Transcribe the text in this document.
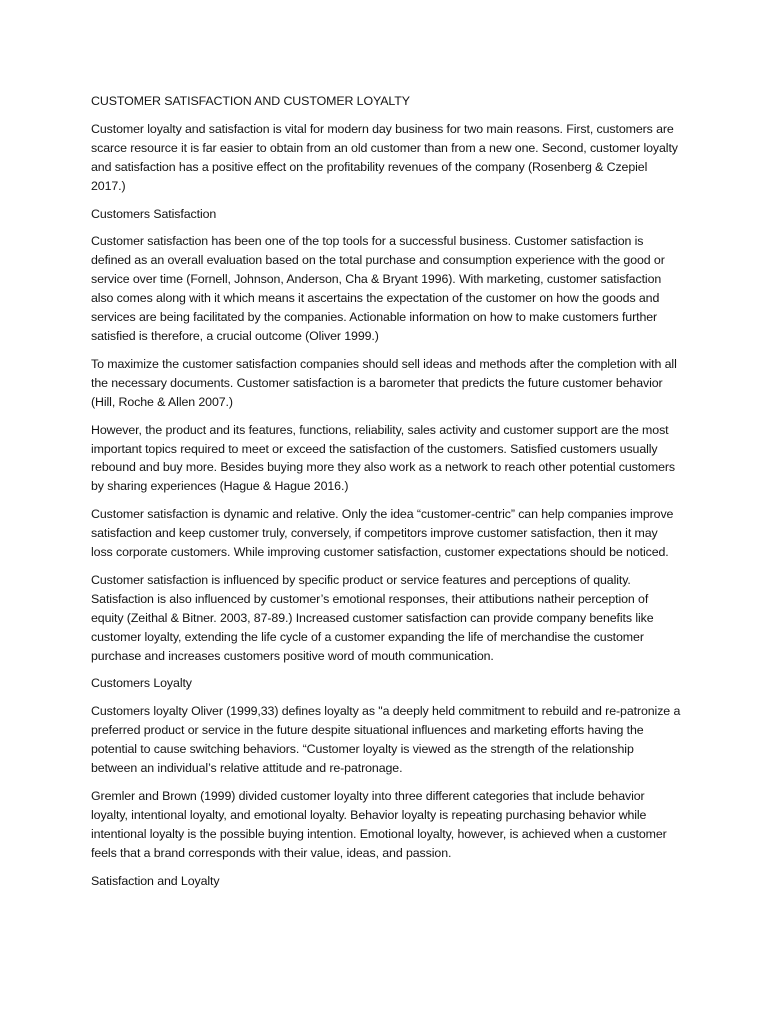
CUSTOMER SATISFACTION AND CUSTOMER LOYALTY

Customer loyalty and satisfaction is vital for modern day business for two main reasons. First, customers are scarce resource it is far easier to obtain from an old customer than from a new one. Second, customer loyalty and satisfaction has a positive effect on the profitability revenues of the company (Rosenberg & Czepiel 2017.)

Customers Satisfaction

Customer satisfaction has been one of the top tools for a successful business. Customer satisfaction is defined as an overall evaluation based on the total purchase and consumption experience with the good or service over time (Fornell, Johnson, Anderson, Cha & Bryant 1996). With marketing, customer satisfaction also comes along with it which means it ascertains the expectation of the customer on how the goods and services are being facilitated by the companies. Actionable information on how to make customers further satisfied is therefore, a crucial outcome (Oliver 1999.)

To maximize the customer satisfaction companies should sell ideas and methods after the completion with all the necessary documents. Customer satisfaction is a barometer that predicts the future customer behavior (Hill, Roche & Allen 2007.)

However, the product and its features, functions, reliability, sales activity and customer support are the most important topics required to meet or exceed the satisfaction of the customers. Satisfied customers usually rebound and buy more. Besides buying more they also work as a network to reach other potential customers by sharing experiences (Hague & Hague 2016.)

Customer satisfaction is dynamic and relative. Only the idea “customer-centric” can help companies improve satisfaction and keep customer truly, conversely, if competitors improve customer satisfaction, then it may loss corporate customers. While improving customer satisfaction, customer expectations should be noticed.

Customer satisfaction is influenced by specific product or service features and perceptions of quality. Satisfaction is also influenced by customer’s emotional responses, their attibutions natheir perception of equity (Zeithal & Bitner. 2003, 87-89.) Increased customer satisfaction can provide company benefits like customer loyalty, extending the life cycle of a customer expanding the life of merchandise the customer purchase and increases customers positive word of mouth communication.

Customers Loyalty

Customers loyalty Oliver (1999,33) defines loyalty as "a deeply held commitment to rebuild and re-patronize a preferred product or service in the future despite situational influences and marketing efforts having the potential to cause switching behaviors. “Customer loyalty is viewed as the strength of the relationship between an individual’s relative attitude and re-patronage.

Gremler and Brown (1999) divided customer loyalty into three different categories that include behavior loyalty, intentional loyalty, and emotional loyalty. Behavior loyalty is repeating purchasing behavior while intentional loyalty is the possible buying intention. Emotional loyalty, however, is achieved when a customer feels that a brand corresponds with their value, ideas, and passion.

Satisfaction and Loyalty
